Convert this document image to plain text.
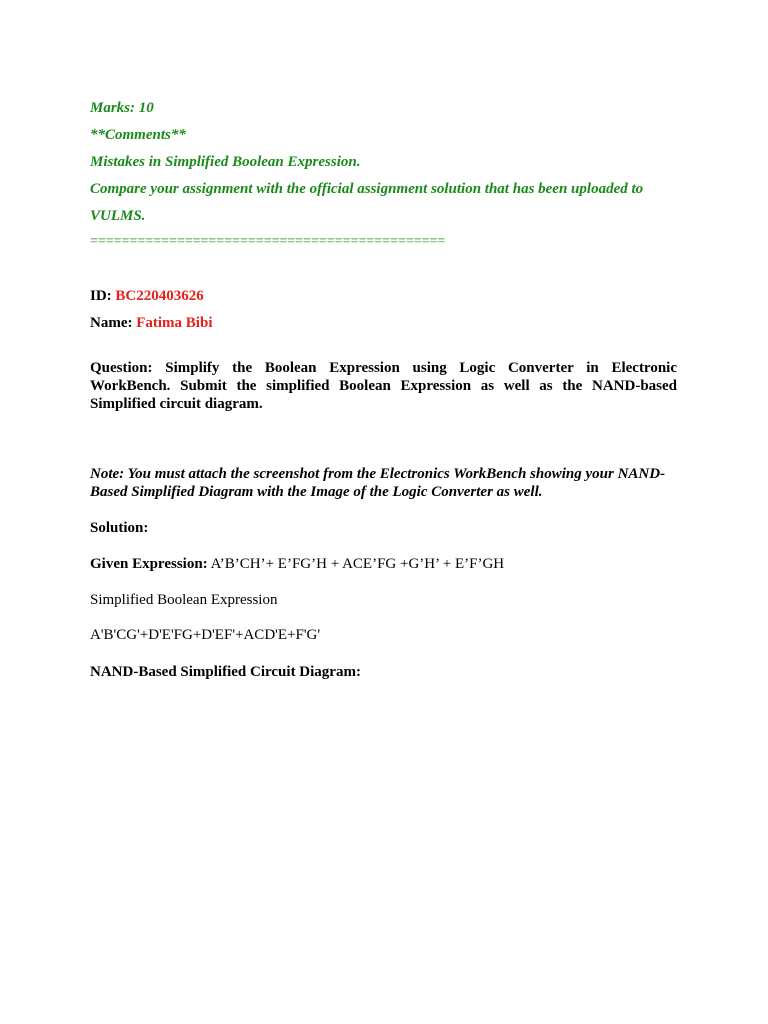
Marks: 10
**Comments**
Mistakes in Simplified Boolean Expression.
Compare your assignment with the official assignment solution that has been uploaded to
VULMS.
=============================================
ID: BC220403626
Name: Fatima Bibi
Question: Simplify the Boolean Expression using Logic Converter in Electronic WorkBench. Submit the simplified Boolean Expression as well as the NAND-based Simplified circuit diagram.
Note: You must attach the screenshot from the Electronics WorkBench showing your NAND-Based Simplified Diagram with the Image of the Logic Converter as well.
Solution:
Given Expression: A’B’CH’+ E’FG’H + ACE’FG +G’H’ + E’F’GH
Simplified Boolean Expression
A'B'CG'+D'E'FG+D'EF'+ACD'E+F'G'
NAND-Based Simplified Circuit Diagram:
